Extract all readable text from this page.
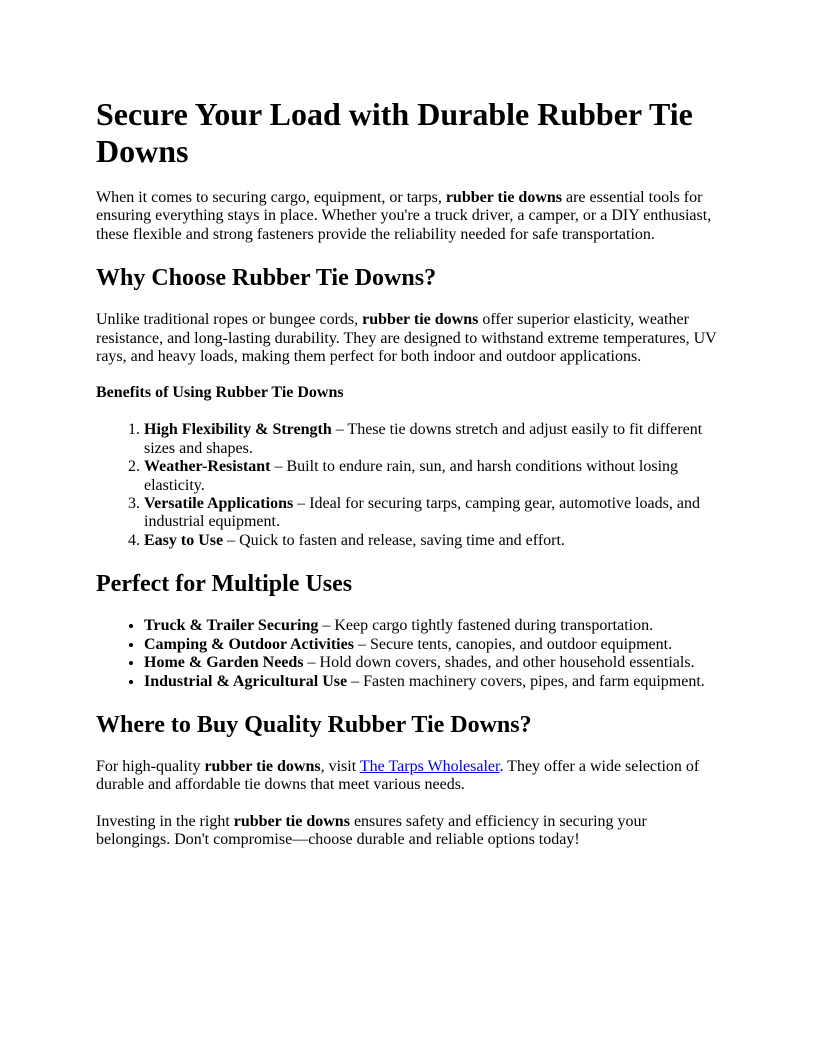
Secure Your Load with Durable Rubber Tie Downs

When it comes to securing cargo, equipment, or tarps, rubber tie downs are essential tools for ensuring everything stays in place. Whether you're a truck driver, a camper, or a DIY enthusiast, these flexible and strong fasteners provide the reliability needed for safe transportation.

Why Choose Rubber Tie Downs?

Unlike traditional ropes or bungee cords, rubber tie downs offer superior elasticity, weather resistance, and long-lasting durability. They are designed to withstand extreme temperatures, UV rays, and heavy loads, making them perfect for both indoor and outdoor applications.

Benefits of Using Rubber Tie Downs
1. High Flexibility & Strength – These tie downs stretch and adjust easily to fit different sizes and shapes.
2. Weather-Resistant – Built to endure rain, sun, and harsh conditions without losing elasticity.
3. Versatile Applications – Ideal for securing tarps, camping gear, automotive loads, and industrial equipment.
4. Easy to Use – Quick to fasten and release, saving time and effort.
Perfect for Multiple Uses
• Truck & Trailer Securing – Keep cargo tightly fastened during transportation.
• Camping & Outdoor Activities – Secure tents, canopies, and outdoor equipment.
• Home & Garden Needs – Hold down covers, shades, and other household essentials.
• Industrial & Agricultural Use – Fasten machinery covers, pipes, and farm equipment.
Where to Buy Quality Rubber Tie Downs?

For high-quality rubber tie downs, visit The Tarps Wholesaler. They offer a wide selection of durable and affordable tie downs that meet various needs.

Investing in the right rubber tie downs ensures safety and efficiency in securing your belongings. Don't compromise—choose durable and reliable options today!
